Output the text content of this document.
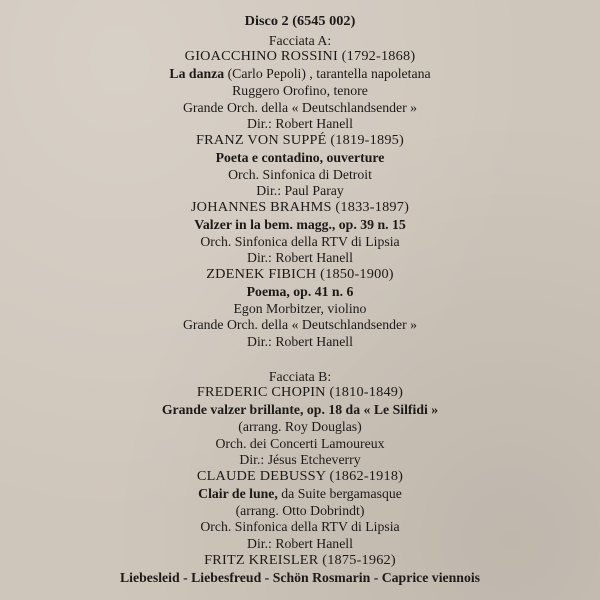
Disco 2 (6545 002)
Facciata A:
GIOACCHINO ROSSINI (1792-1868)
La danza (Carlo Pepoli) , tarantella napoletana
Ruggero Orofino, tenore
Grande Orch. della « Deutschlandsender »
Dir.: Robert Hanell
FRANZ VON SUPPÉ (1819-1895)
Poeta e contadino, ouverture
Orch. Sinfonica di Detroit
Dir.: Paul Paray
JOHANNES BRAHMS (1833-1897)
Valzer in la bem. magg., op. 39 n. 15
Orch. Sinfonica della RTV di Lipsia
Dir.: Robert Hanell
ZDENEK FIBICH (1850-1900)
Poema, op. 41 n. 6
Egon Morbitzer, violino
Grande Orch. della « Deutschlandsender »
Dir.: Robert Hanell
Facciata B:
FREDERIC CHOPIN (1810-1849)
Grande valzer brillante, op. 18 da « Le Silfidi »
(arrang. Roy Douglas)
Orch. dei Concerti Lamoureux
Dir.: Jésus Etcheverry
CLAUDE DEBUSSY (1862-1918)
Clair de lune, da Suite bergamasque
(arrang. Otto Dobrindt)
Orch. Sinfonica della RTV di Lipsia
Dir.: Robert Hanell
FRITZ KREISLER (1875-1962)
Liebesleid - Liebesfreud - Schön Rosmarin - Caprice viennois
